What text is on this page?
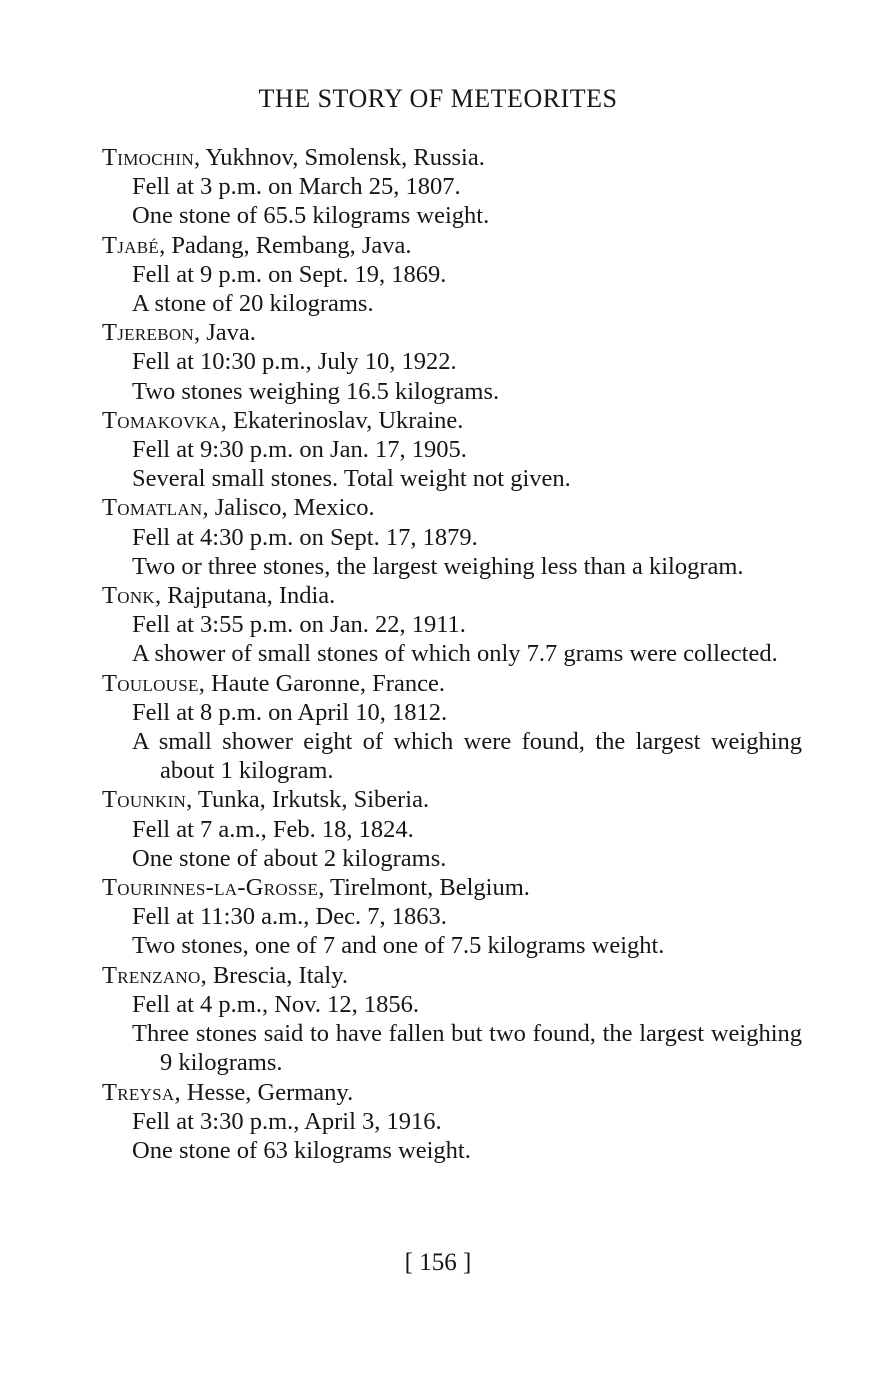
THE STORY OF METEORITES
Timochin, Yukhnov, Smolensk, Russia.
Fell at 3 p.m. on March 25, 1807.
One stone of 65.5 kilograms weight.
Tjabé, Padang, Rembang, Java.
Fell at 9 p.m. on Sept. 19, 1869.
A stone of 20 kilograms.
Tjerebon, Java.
Fell at 10:30 p.m., July 10, 1922.
Two stones weighing 16.5 kilograms.
Tomakovka, Ekaterinoslav, Ukraine.
Fell at 9:30 p.m. on Jan. 17, 1905.
Several small stones. Total weight not given.
Tomatlan, Jalisco, Mexico.
Fell at 4:30 p.m. on Sept. 17, 1879.
Two or three stones, the largest weighing less than a kilogram.
Tonk, Rajputana, India.
Fell at 3:55 p.m. on Jan. 22, 1911.
A shower of small stones of which only 7.7 grams were collected.
Toulouse, Haute Garonne, France.
Fell at 8 p.m. on April 10, 1812.
A small shower eight of which were found, the largest weighing about 1 kilogram.
Tounkin, Tunka, Irkutsk, Siberia.
Fell at 7 a.m., Feb. 18, 1824.
One stone of about 2 kilograms.
Tourinnes-la-Grosse, Tirelmont, Belgium.
Fell at 11:30 a.m., Dec. 7, 1863.
Two stones, one of 7 and one of 7.5 kilograms weight.
Trenzano, Brescia, Italy.
Fell at 4 p.m., Nov. 12, 1856.
Three stones said to have fallen but two found, the largest weighing 9 kilograms.
Treysa, Hesse, Germany.
Fell at 3:30 p.m., April 3, 1916.
One stone of 63 kilograms weight.
[ 156 ]
